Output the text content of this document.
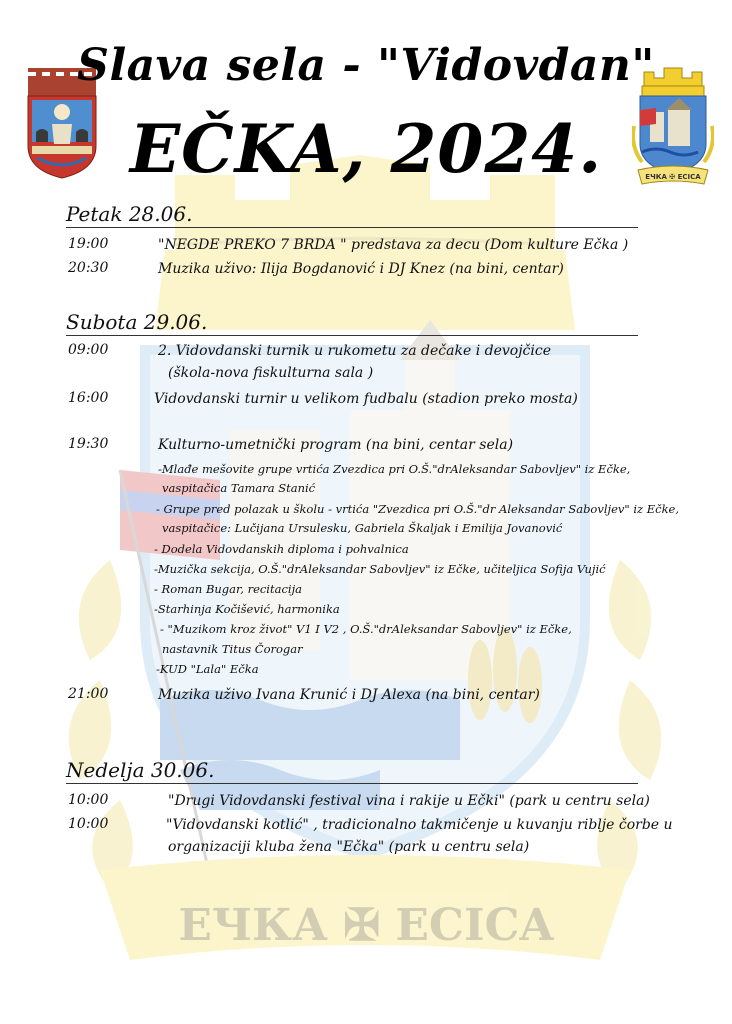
ЕЧКА ✠ ECICA
ЕЧКА ✠ ECICA
Slava sela - "Vidovdan"
EČKA, 2024.
Petak 28.06.
19:00	"NEGDE PREKO 7 BRDA " predstava za decu (Dom kulture Ečka )
20:30	Muzika uživo: Ilija Bogdanović i DJ Knez (na bini, centar)
Subota 29.06.
09:00	2. Vidovdanski turnik u rukometu za dečake i devojčice
(škola-nova fiskulturna sala )
16:00	Vidovdanski turnir u velikom fudbalu (stadion preko mosta)
19:30	Kulturno-umetnički program (na bini, centar sela)
-Mlađe mešovite grupe vrtića Zvezdica pri O.Š."drAleksandar Sabovljev" iz Ečke,
vaspitačica Tamara Stanić
- Grupe pred polazak u školu - vrtića "Zvezdica pri O.Š."dr Aleksandar Sabovljev" iz Ečke,
vaspitačice: Lučijana Ursulesku, Gabriela Škaljak i Emilija Jovanović
- Dodela Vidovdanskih diploma i pohvalnica
-Muzička sekcija, O.Š."drAleksandar Sabovljev" iz Ečke, učiteljica Sofija Vujić
- Roman Bugar, recitacija
-Starhinja Kočišević, harmonika
- "Muzikom kroz život" V1 I V2 , O.Š."drAleksandar Sabovljev" iz Ečke,
nastavnik Titus Čorogar
-KUD "Lala" Ečka
21:00	Muzika uživo Ivana Krunić i DJ Alexa (na bini, centar)
Nedelja 30.06.
10:00	"Drugi Vidovdanski festival vina i rakije u Ečki" (park u centru sela)
10:00	"Vidovdanski kotlić" , tradicionalno takmičenje u kuvanju riblje čorbe u
organizaciji kluba žena "Ečka" (park u centru sela)
